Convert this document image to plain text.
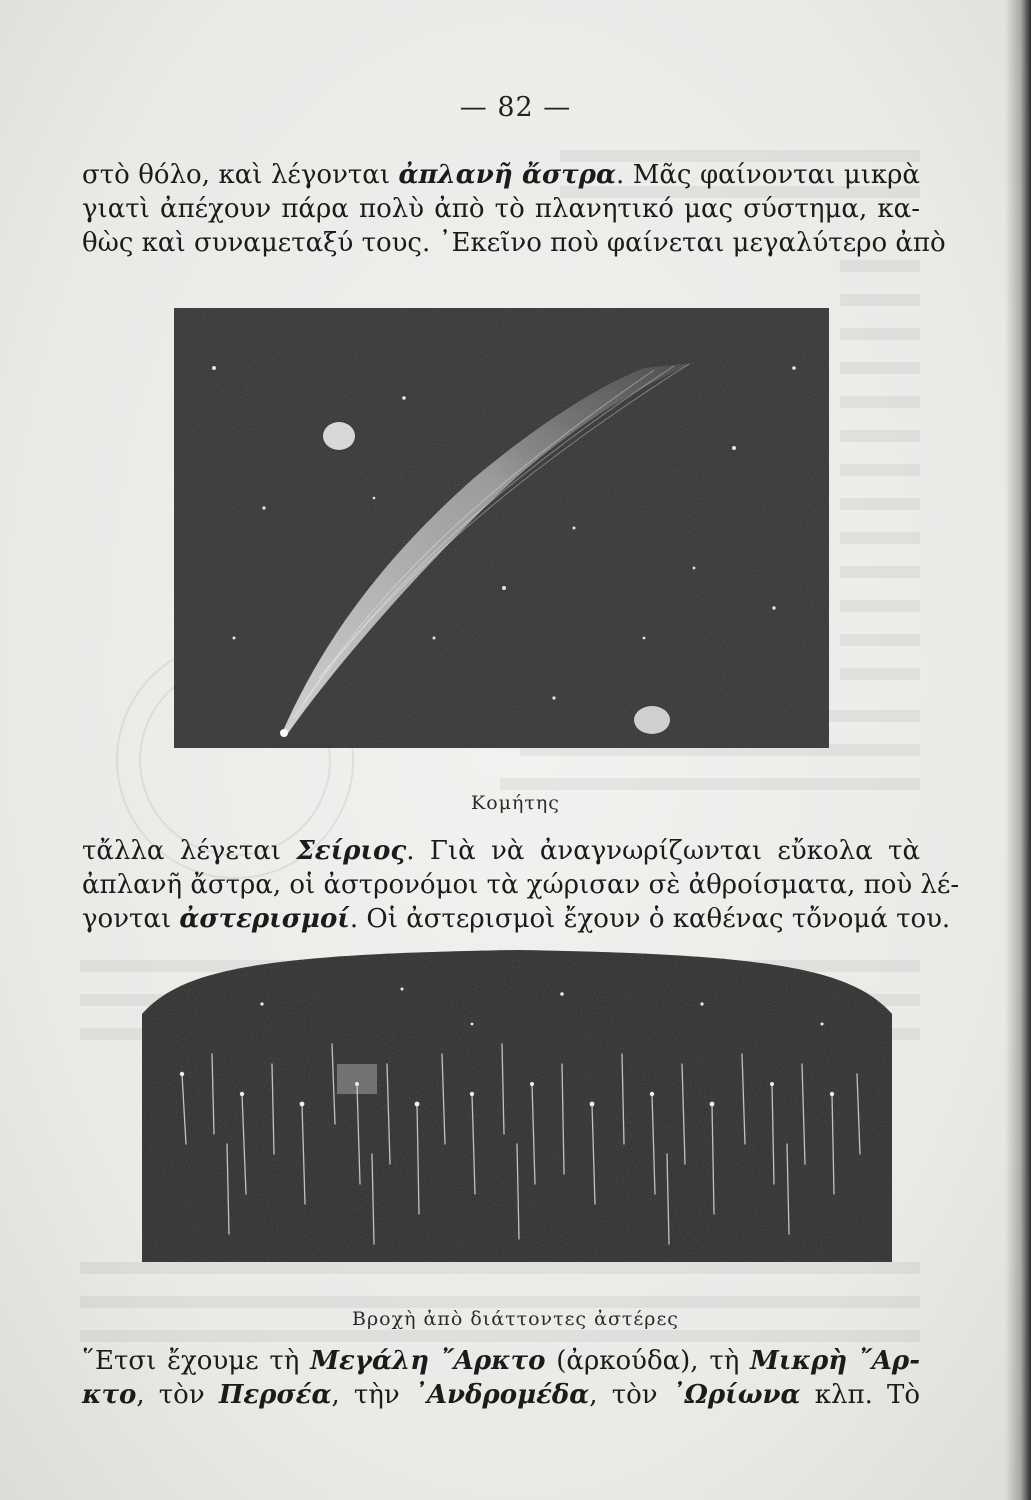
— 82 —
στὸ θόλο, καὶ λέγονται ἀπλανῆ ἄστρα. Μᾶς φαίνονται μικρὰ
γιατὶ ἀπέχουν πάρα πολὺ ἀπὸ τὸ πλανητικό μας σύστημα, κα-
θὼς καὶ συναμεταξύ τους. ᾿Εκεῖνο ποὺ φαίνεται μεγαλύτερο ἀπὸ
Κομήτης
τἄλλα λέγεται Σείριος. Γιὰ νὰ ἀναγνωρίζωνται εὔκολα τὰ
ἀπλανῆ ἄστρα, οἱ ἀστρονόμοι τὰ χώρισαν σὲ ἀθροίσματα, ποὺ λέ-
γονται ἀστερισμοί. Οἱ ἀστερισμοὶ ἔχουν ὁ καθένας τὄνομά του.
Βροχὴ ἀπὸ διάττοντες ἀστέρες
῞Ετσι ἔχουμε τὴ Μεγάλη ῎Αρκτο (ἀρκούδα), τὴ Μικρὴ ῎Αρ-
κτο, τὸν Περσέα, τὴν ᾿Ανδρομέδα, τὸν ᾿Ωρίωνα κλπ. Τὸ
